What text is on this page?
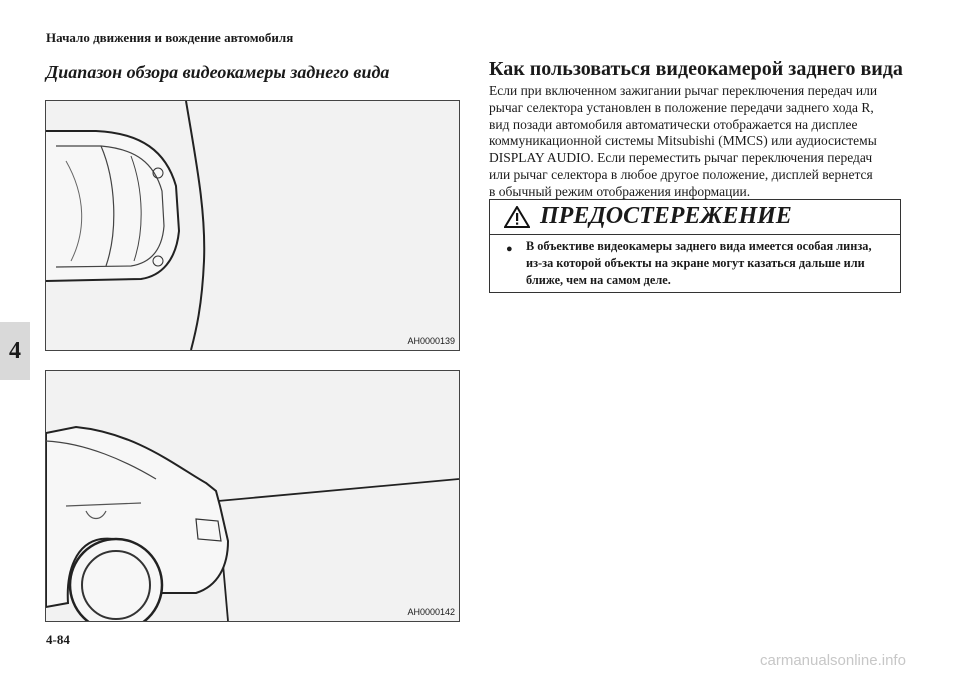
Начало движения и вождение автомобиля
Диапазон обзора видеокамеры заднего вида
4	AH0000139
AH0000142
Как пользоваться видеокамерой заднего вида

Если при включенном зажигании рычаг переключения передач или

рычаг селектора установлен в положение передачи заднего хода R,

вид позади автомобиля автоматически отображается на дисплее

коммуникационной системы Mitsubishi (MMCS) или аудиосистемы

DISPLAY AUDIO. Если переместить рычаг переключения передач

или рычаг селектора в любое другое положение, дисплей вернется

в обычный режим отображения информации.

ПРЕДОСТЕРЕЖЕНИЕ
● В объективе видеокамеры заднего вида имеется особая линза,
из-за которой объекты на экране могут казаться дальше или
ближе, чем на самом деле.
4-84
carmanualsonline.info
